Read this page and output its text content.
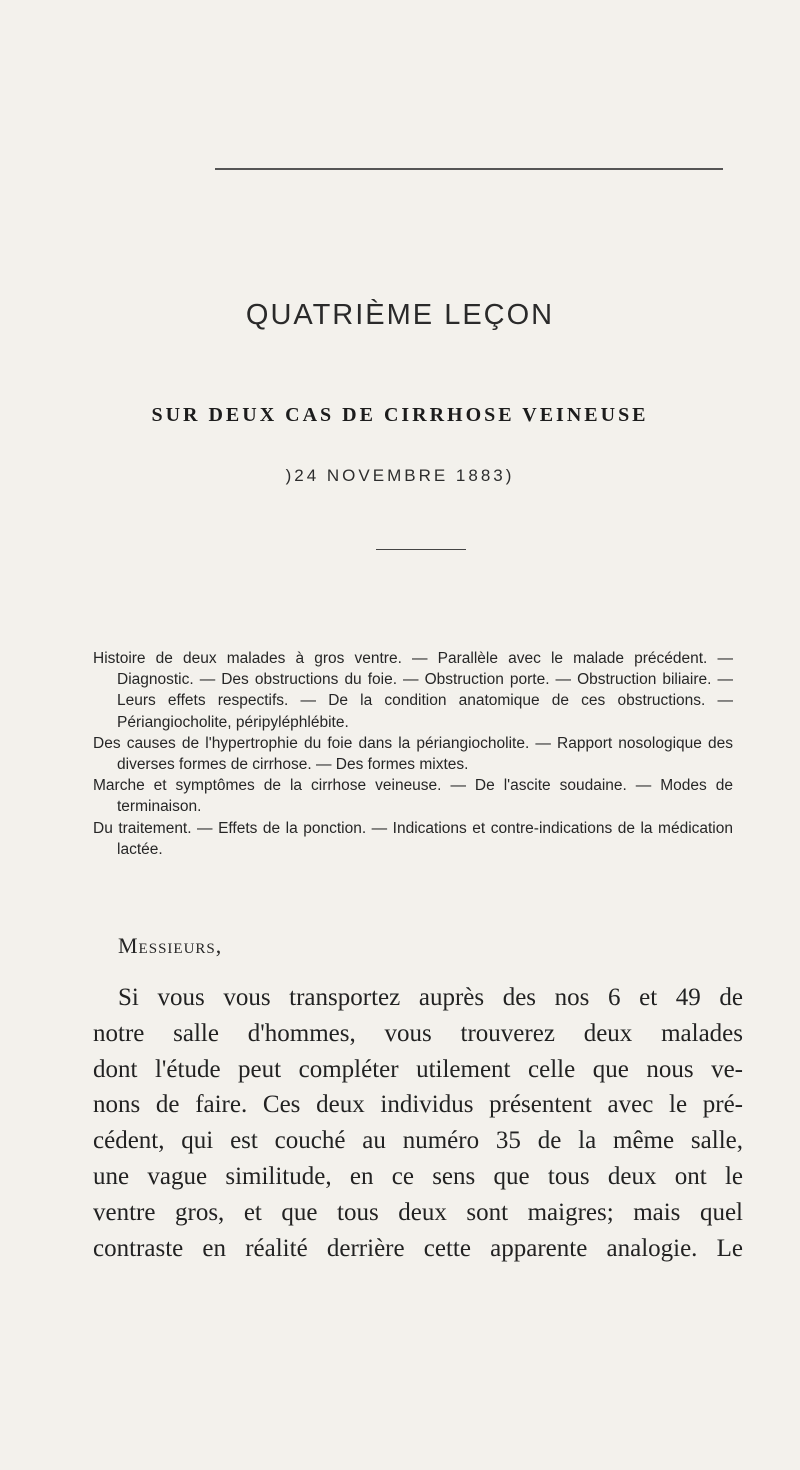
QUATRIÈME LEÇON
SUR DEUX CAS DE CIRRHOSE VEINEUSE
)24 NOVEMBRE 1883)

Histoire de deux malades à gros ventre. — Parallèle avec le malade précédent. — Diagnostic. — Des obstructions du foie. — Obstruction porte. — Obstruction biliaire. — Leurs effets respectifs. — De la condition anatomique de ces obstructions. — Périangiocholite, péripyléphlébite.

Des causes de l'hypertrophie du foie dans la périangiocholite. — Rapport nosologique des diverses formes de cirrhose. — Des formes mixtes.

Marche et symptômes de la cirrhose veineuse. — De l'ascite soudaine. — Modes de terminaison.

Du traitement. — Effets de la ponction. — Indications et contre-indications de la médication lactée.

Messieurs,
Si vous vous transportez auprès des nos 6 et 49 de
notre salle d'hommes, vous trouverez deux malades
dont l'étude peut compléter utilement celle que nous ve-
nons de faire. Ces deux individus présentent avec le pré-
cédent, qui est couché au numéro 35 de la même salle,
une vague similitude, en ce sens que tous deux ont le
ventre gros, et que tous deux sont maigres; mais quel
contraste en réalité derrière cette apparente analogie. Le
